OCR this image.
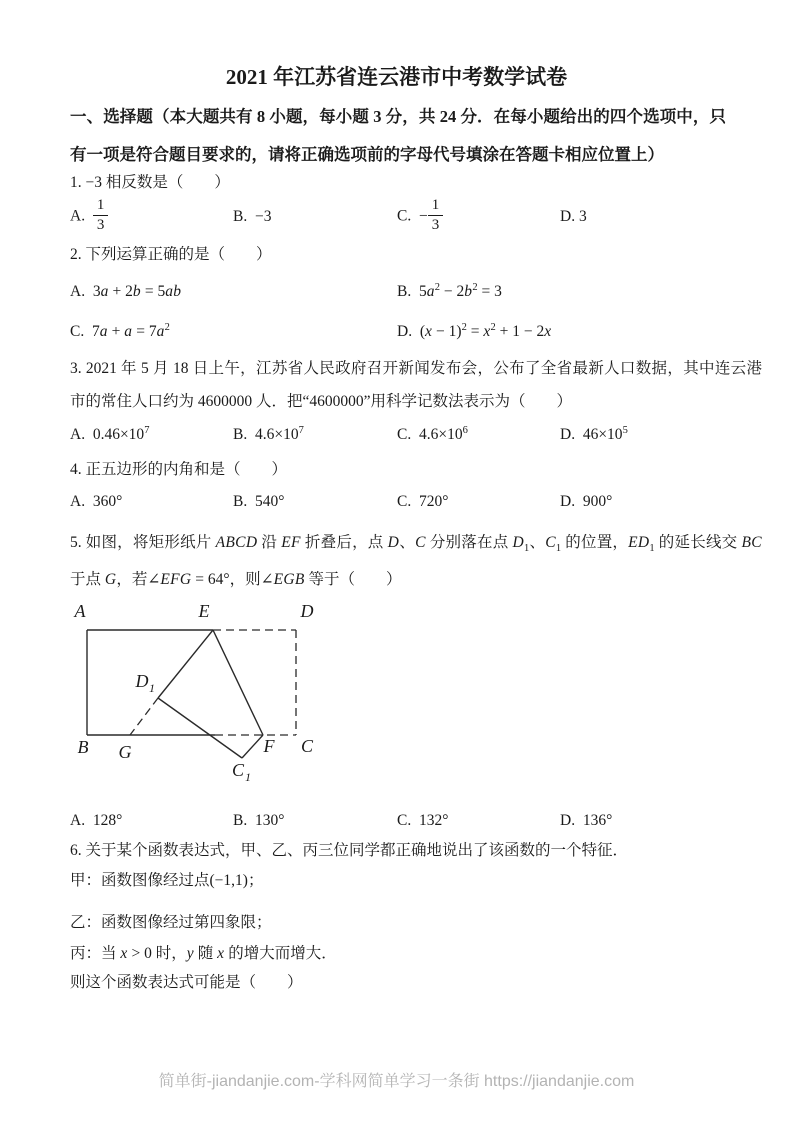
2021 年江苏省连云港市中考数学试卷
一、选择题（本大题共有 8 小题，每小题 3 分，共 24 分．在每小题给出的四个选项中，只有一项是符合题目要求的，请将正确选项前的字母代号填涂在答题卡相应位置上）
1. −3 相反数是（　　）
A. $\frac{1}{3}$	B.  −3	C.  − $\frac{1}{3}$	D. 3
2. 下列运算正确的是（　　）
A.  3a + 2b = 5ab	B.  $5a^2 - 2b^2 = 3$
C.  $7a + a = 7a^2$	D.  $(x - 1)^2 = x^2 + 1 - 2x$
3. 2021 年 5 月 18 日上午，江苏省人民政府召开新闻发布会，公布了全省最新人口数据，其中连云港市的常住人口约为 4600000 人．把“4600000”用科学记数法表示为（　　）
A.  $0.46\times 10^7$	B.  $4.6\times 10^7$	C.  $4.6\times 10^6$	D.  $46\times 10^5$
4. 正五边形的内角和是（　　）
A.  360°	B.  540°	C.  720°	D.  900°
5. 如图，将矩形纸片 ABCD 沿 EF 折叠后，点 D、C 分别落在点 $D_1$、$C_1$ 的位置，$ED_1$ 的延长线交 BC 于点 G，若∠EFG = 64°，则∠EGB 等于（　　）
A	E	D
B G	F C
D 1
C 1
A.  128°	B.  130°	C.  132°	D.  136°
6. 关于某个函数表达式，甲、乙、丙三位同学都正确地说出了该函数的一个特征．
甲：函数图像经过点(−1,1)；
乙：函数图像经过第四象限；
丙：当 x > 0 时，y 随 x 的增大而增大．
则这个函数表达式可能是（　　）
简单街-jiandanjie.com-学科网简单学习一条街 https://jiandanjie.com
